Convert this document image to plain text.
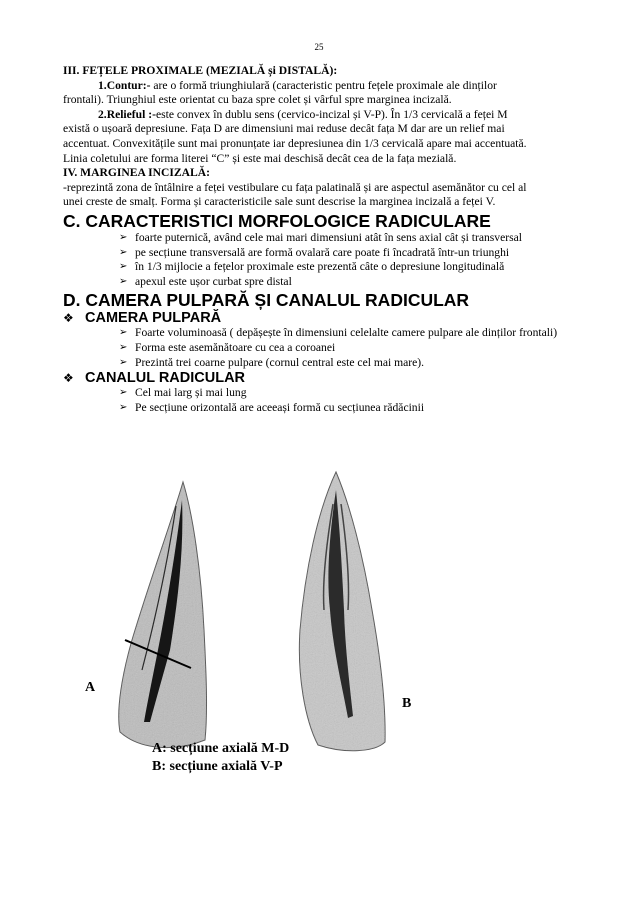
25

III. FEȚELE PROXIMALE (MEZIALĂ și DISTALĂ):

1.Contur:- are o formă triunghiulară (caracteristic pentru fețele proximale ale dinților

frontali). Triunghiul este orientat cu baza spre colet și vârful spre marginea incizală.

2.Relieful :-este convex în dublu sens (cervico-incizal și V-P). În 1/3 cervicală a feței M

există o ușoară depresiune. Fața D are dimensiuni mai reduse decât fața M dar are un relief mai

accentuat. Convexitățile sunt mai pronunțate iar depresiunea din 1/3 cervicală apare mai accentuată.

Linia coletului are forma literei “C” și este mai deschisă decât cea de la fața mezială.

IV. MARGINEA INCIZALĂ:

-reprezintă zona de întâlnire a feței vestibulare cu fața palatinală și are aspectul asemănător cu cel al

unei creste de smalț. Forma și caracteristicile sale sunt descrise la marginea incizală a feței V.

C. CARACTERISTICI MORFOLOGICE RADICULARE

➢ foarte puternică, având cele mai mari dimensiuni atât în sens axial cât și transversal
➢ pe secțiune transversală are formă ovalară care poate fi încadrată într-un triunghi
➢ în 1/3 mijlocie a fețelor proximale este prezentă câte o depresiune longitudinală
➢ apexul este ușor curbat spre distal

D. CAMERA PULPARĂ ȘI CANALUL RADICULAR

❖ CAMERA PULPARĂ

➢ Foarte voluminoasă ( depășește în dimensiuni celelalte camere pulpare ale dinților frontali)
➢ Forma este asemănătoare cu cea a coroanei
➢ Prezintă trei coarne pulpare (cornul central este cel mai mare).

❖ CANALUL RADICULAR

➢ Cel mai larg și mai lung
➢ Pe secțiune orizontală are aceeași formă cu secțiunea rădăcinii
A
B
A: secțiune axială M-D
B: secțiune axială V-P
